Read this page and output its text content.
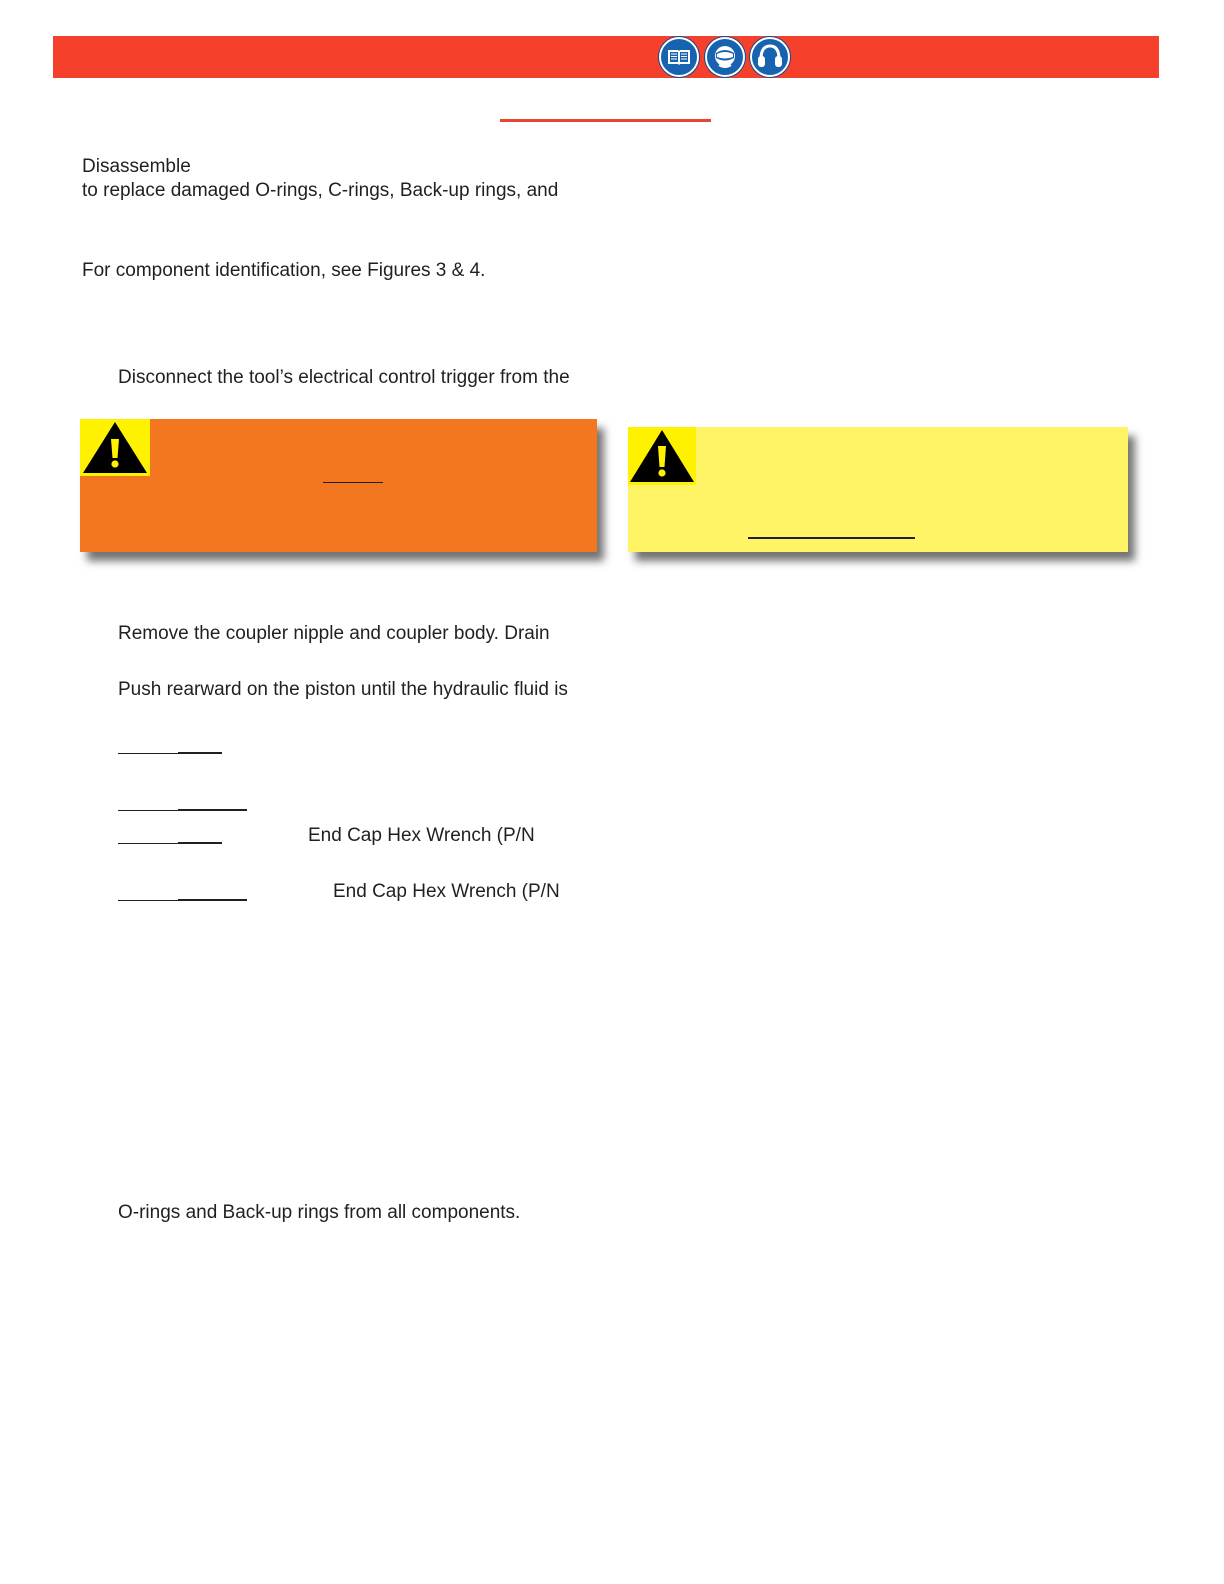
Disassemble
to replace damaged O-rings, C-rings, Back-up rings, and
For component identification, see Figures 3 & 4.
Disconnect the tool’s electrical control trigger from the
Remove the coupler nipple and coupler body. Drain
Push rearward on the piston until the hydraulic fluid is
End Cap Hex Wrench (P/N
End Cap Hex Wrench (P/N
O-rings and Back-up rings from all components.
